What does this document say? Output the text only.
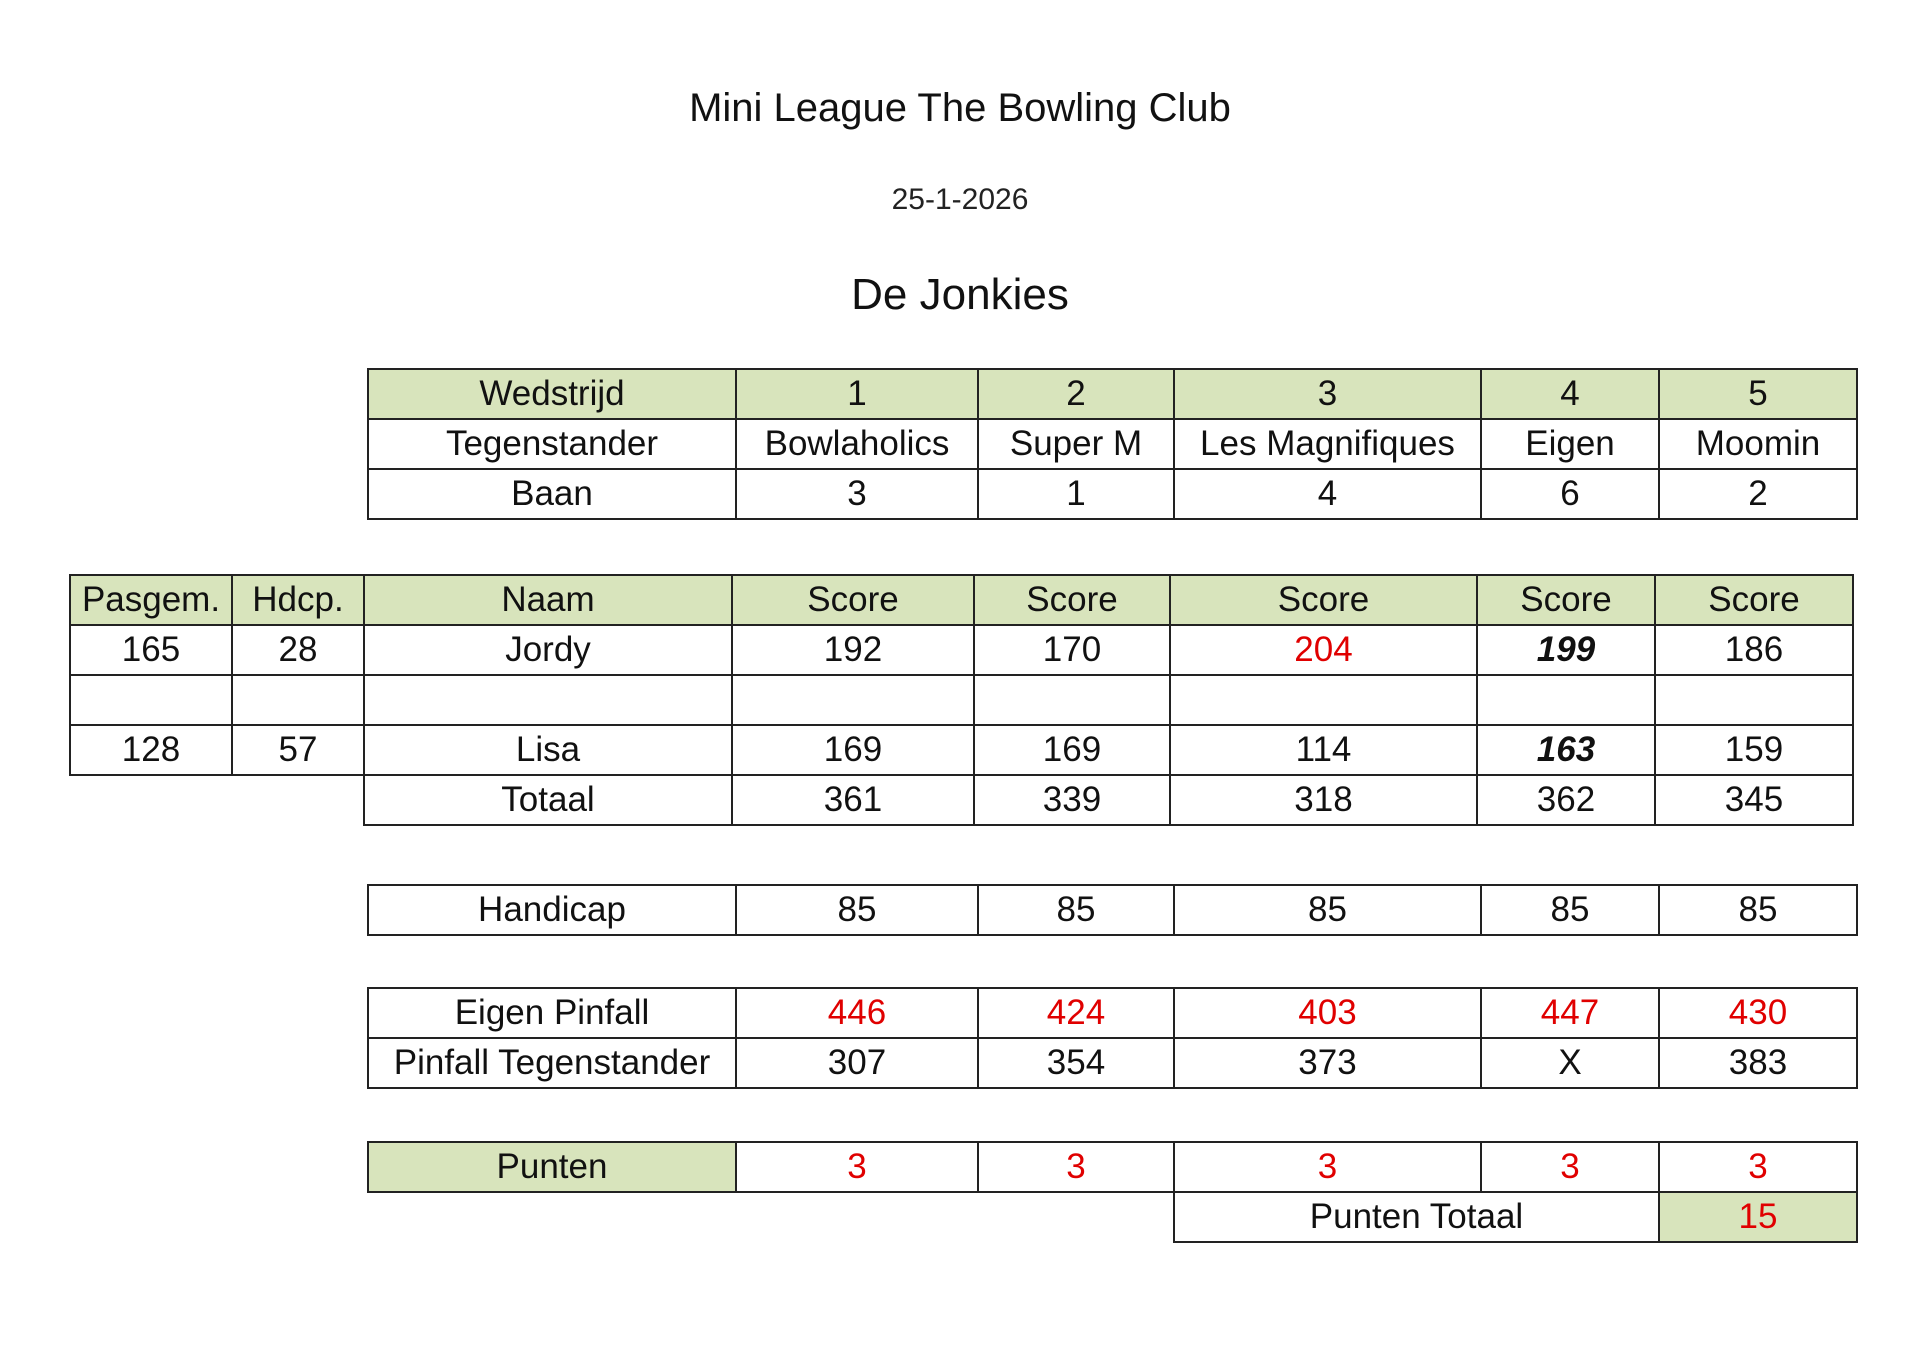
Mini League The Bowling Club
25-1-2026
De Jonkies
Wedstrijd	1	2	3	4	5
Tegenstander	Bowlaholics	Super M	Les Magnifiques	Eigen	Moomin
Baan	3	1	4	6	2
Pasgem.	Hdcp.	Naam	Score	Score	Score	Score	Score
165	28	Jordy	192	170	204	199	186

128	57	Lisa	169	169	114	163	159
		Totaal	361	339	318	362	345
Handicap	85	85	85	85	85
Eigen Pinfall	446	424	403	447	430
Pinfall Tegenstander	307	354	373	X	383
Punten	3	3	3	3	3
			Punten Totaal		15
